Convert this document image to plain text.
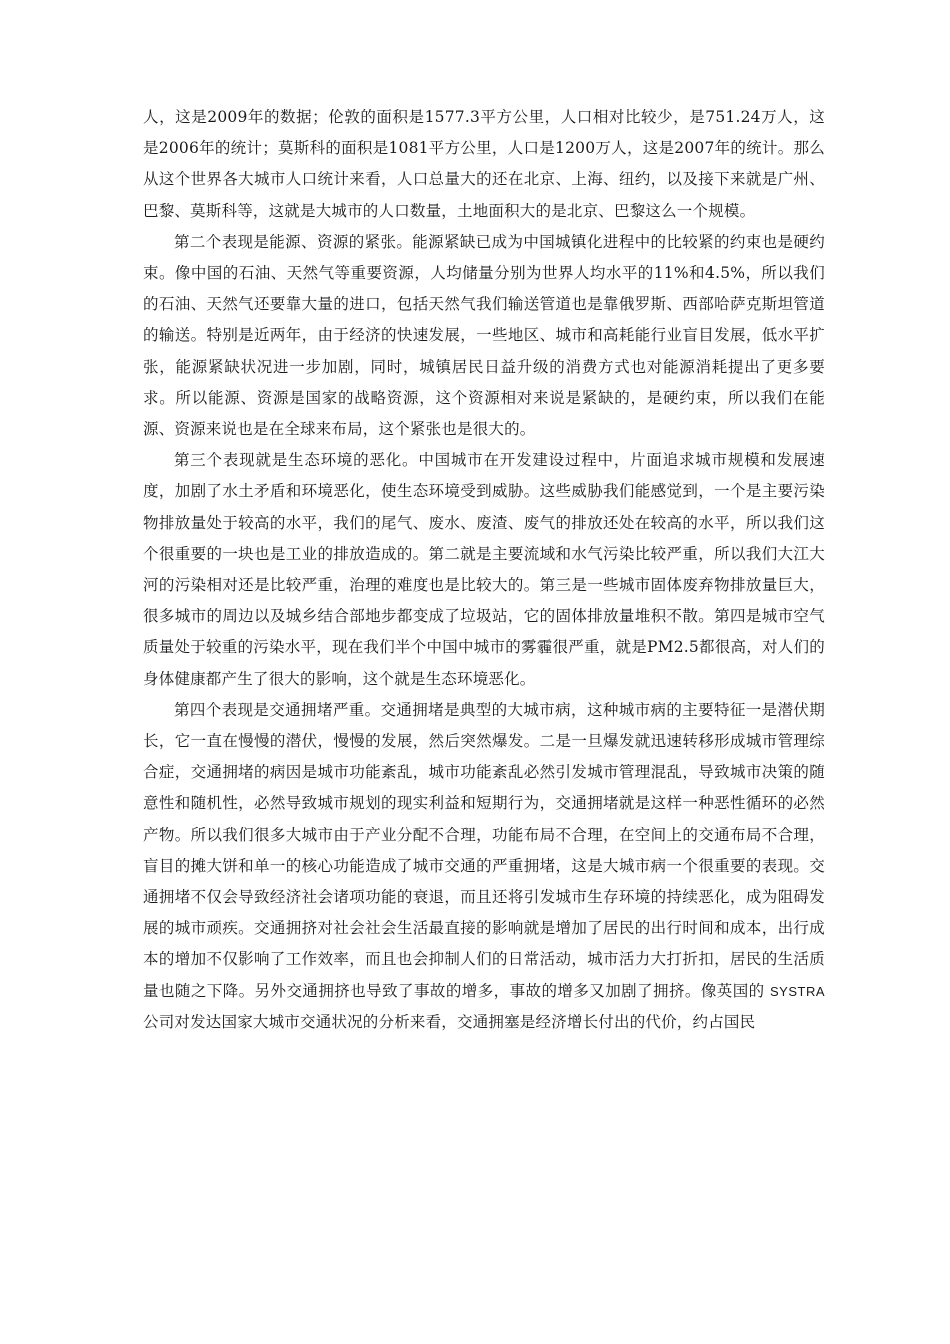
人，这是2009年的数据；伦敦的面积是1577.3平方公里，人口相对比较少，是751.24万人，这是2006年的统计；莫斯科的面积是1081平方公里，人口是1200万人，这是2007年的统计。那么从这个世界各大城市人口统计来看，人口总量大的还在北京、上海、纽约，以及接下来就是广州、巴黎、莫斯科等，这就是大城市的人口数量，土地面积大的是北京、巴黎这么一个规模。

第二个表现是能源、资源的紧张。能源紧缺已成为中国城镇化进程中的比较紧的约束也是硬约束。像中国的石油、天然气等重要资源，人均储量分别为世界人均水平的11%和4.5%，所以我们的石油、天然气还要靠大量的进口，包括天然气我们输送管道也是靠俄罗斯、西部哈萨克斯坦管道的输送。特别是近两年，由于经济的快速发展，一些地区、城市和高耗能行业盲目发展，低水平扩张，能源紧缺状况进一步加剧，同时，城镇居民日益升级的消费方式也对能源消耗提出了更多要求。所以能源、资源是国家的战略资源，这个资源相对来说是紧缺的，是硬约束，所以我们在能源、资源来说也是在全球来布局，这个紧张也是很大的。

第三个表现就是生态环境的恶化。中国城市在开发建设过程中，片面追求城市规模和发展速度，加剧了水土矛盾和环境恶化，使生态环境受到威胁。这些威胁我们能感觉到，一个是主要污染物排放量处于较高的水平，我们的尾气、废水、废渣、废气的排放还处在较高的水平，所以我们这个很重要的一块也是工业的排放造成的。第二就是主要流域和水气污染比较严重，所以我们大江大河的污染相对还是比较严重，治理的难度也是比较大的。第三是一些城市固体废弃物排放量巨大，很多城市的周边以及城乡结合部地步都变成了垃圾站，它的固体排放量堆积不散。第四是城市空气质量处于较重的污染水平，现在我们半个中国中城市的雾霾很严重，就是PM2.5都很高，对人们的身体健康都产生了很大的影响，这个就是生态环境恶化。

第四个表现是交通拥堵严重。交通拥堵是典型的大城市病，这种城市病的主要特征一是潜伏期长，它一直在慢慢的潜伏，慢慢的发展，然后突然爆发。二是一旦爆发就迅速转移形成城市管理综合症，交通拥堵的病因是城市功能紊乱，城市功能紊乱必然引发城市管理混乱，导致城市决策的随意性和随机性，必然导致城市规划的现实利益和短期行为，交通拥堵就是这样一种恶性循环的必然产物。所以我们很多大城市由于产业分配不合理，功能布局不合理，在空间上的交通布局不合理，盲目的摊大饼和单一的核心功能造成了城市交通的严重拥堵，这是大城市病一个很重要的表现。交通拥堵不仅会导致经济社会诸项功能的衰退，而且还将引发城市生存环境的持续恶化，成为阻碍发展的城市顽疾。交通拥挤对社会社会生活最直接的影响就是增加了居民的出行时间和成本，出行成本的增加不仅影响了工作效率，而且也会抑制人们的日常活动，城市活力大打折扣，居民的生活质量也随之下降。另外交通拥挤也导致了事故的增多，事故的增多又加剧了拥挤。像英国的 SYSTRA 公司对发达国家大城市交通状况的分析来看，交通拥塞是经济增长付出的代价，约占国民
